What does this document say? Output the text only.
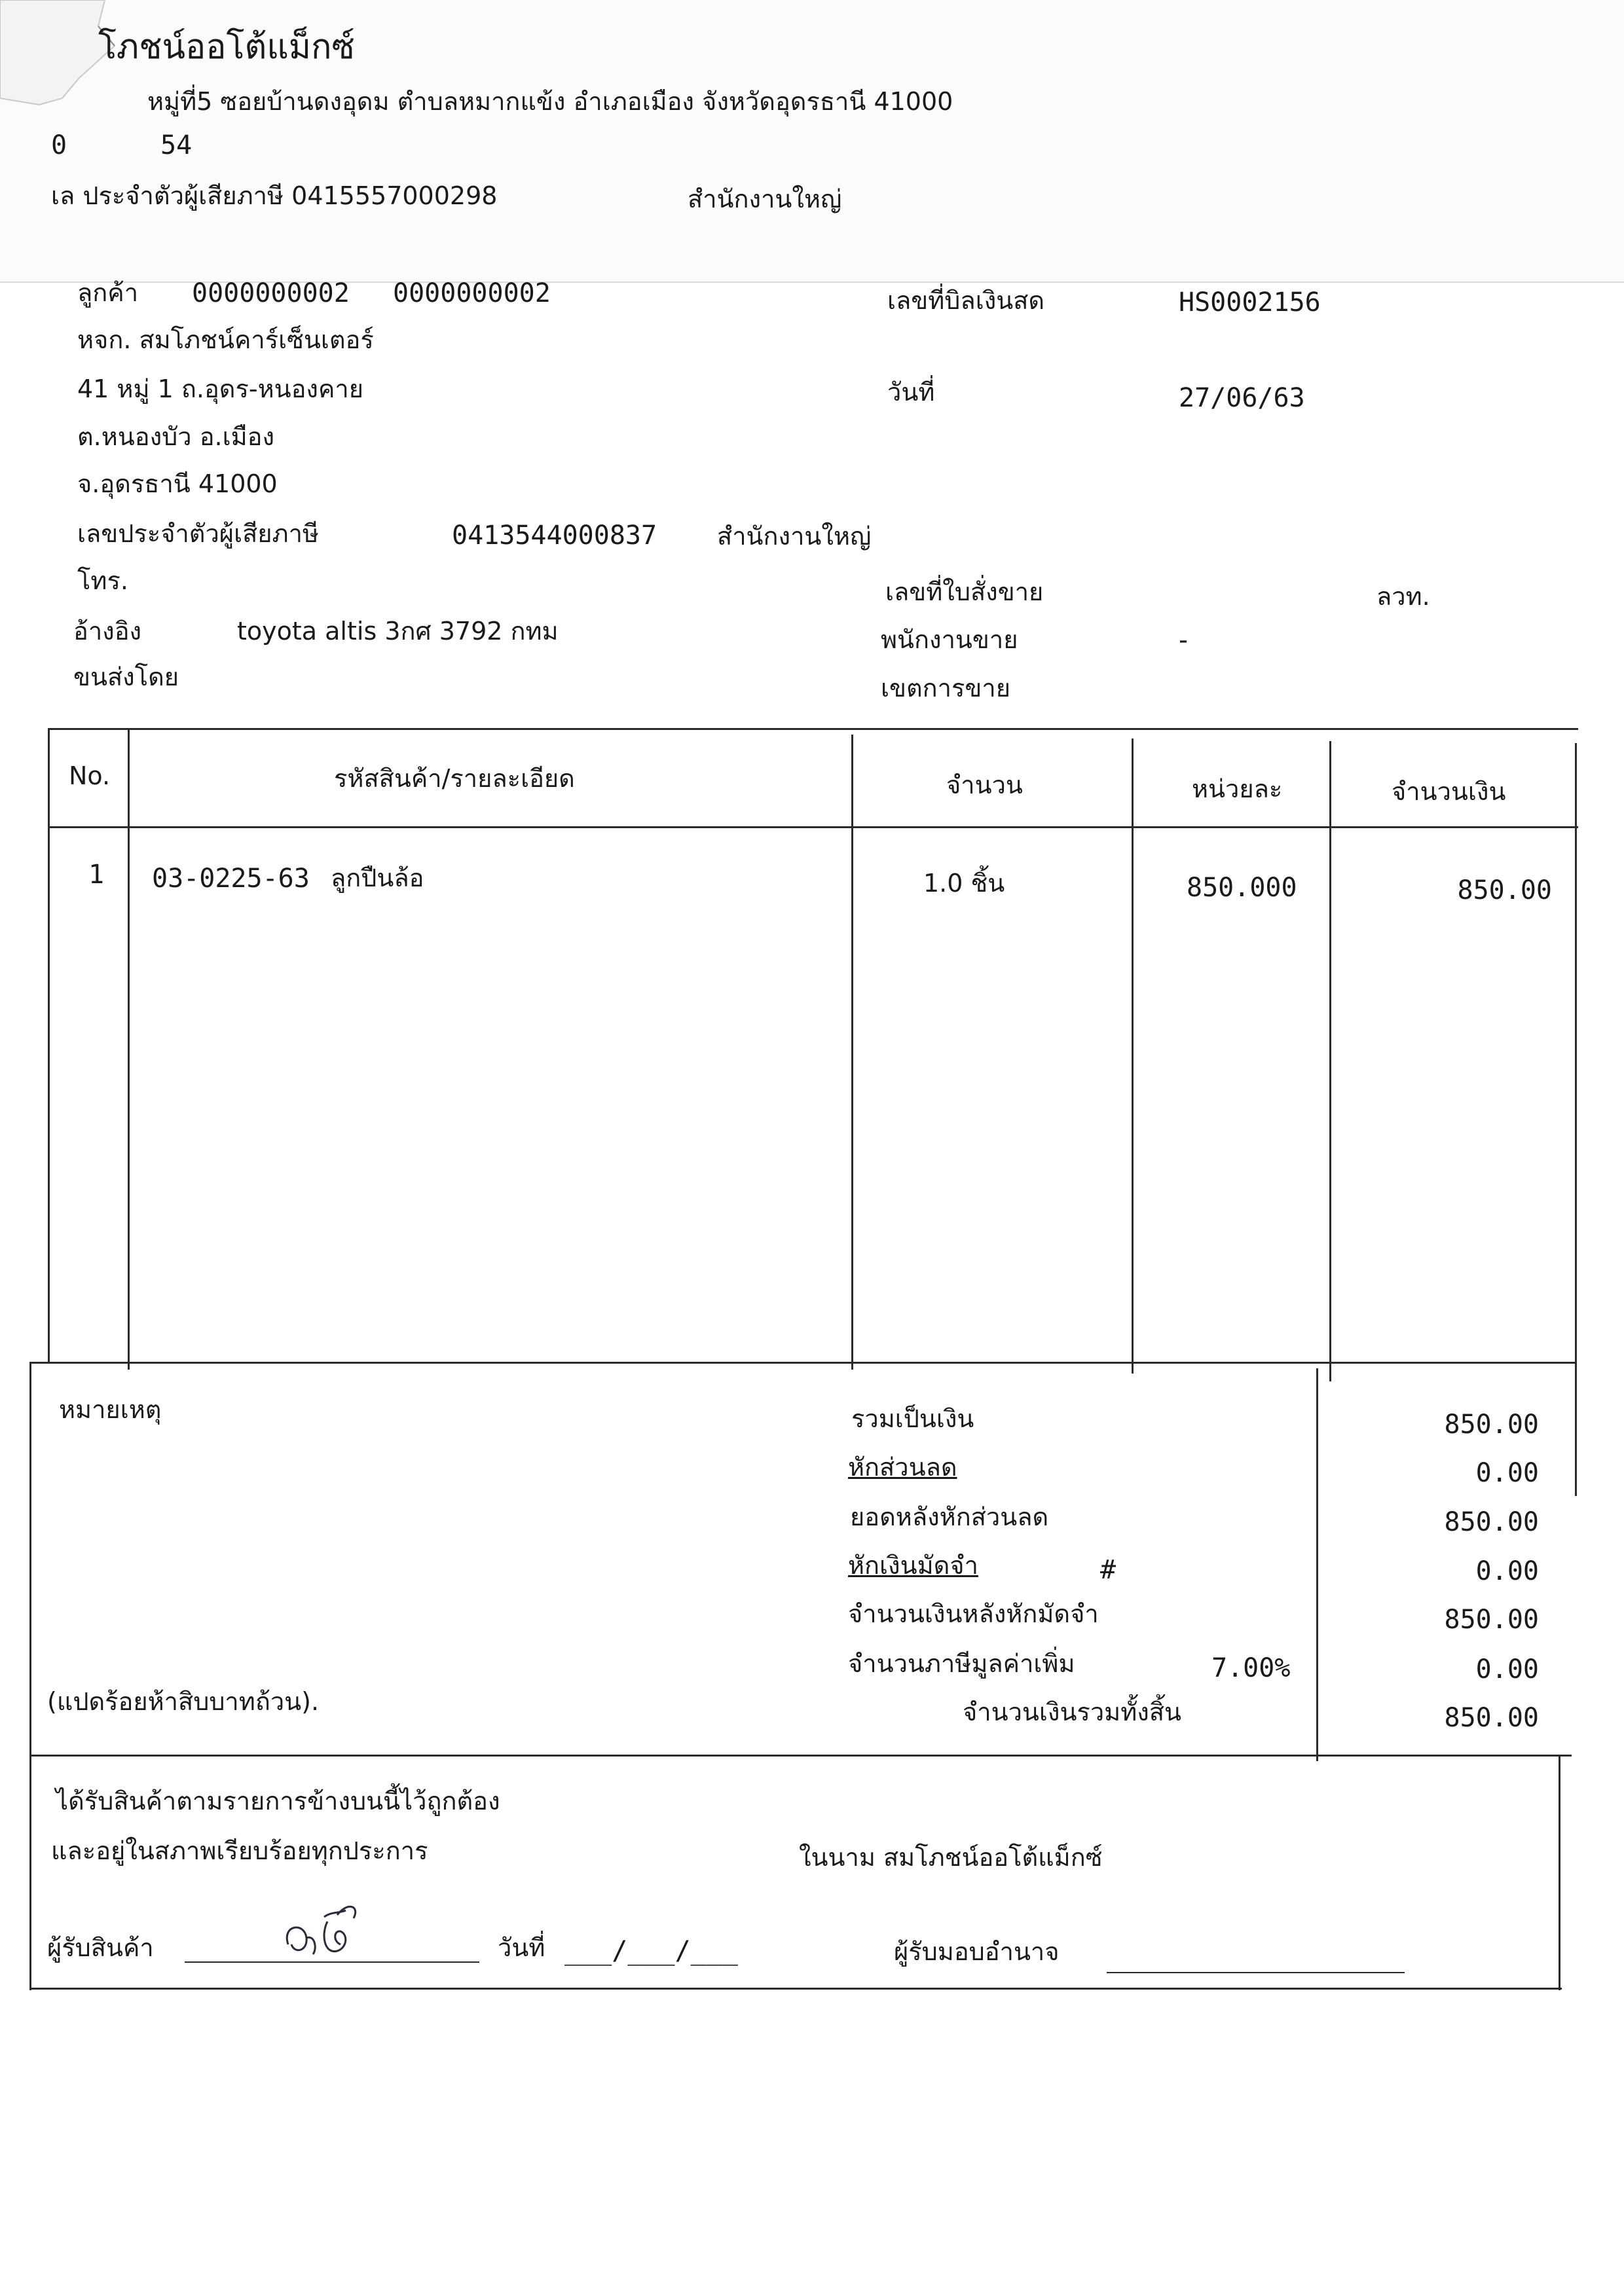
โภชน์ออโต้แม็กซ์
หมู่ที่5 ซอยบ้านดงอุดม ตำบลหมากแข้ง อำเภอเมือง จังหวัดอุดรธานี 41000
0	54
เล ประจำตัวผู้เสียภาษี 0415557000298	สำนักงานใหญ่
ลูกค้า 0000000002 0000000002
หจก. สมโภชน์คาร์เซ็นเตอร์
41 หมู่ 1 ถ.อุดร-หนองคาย
ต.หนองบัว อ.เมือง
จ.อุดรธานี 41000
เลขประจำตัวผู้เสียภาษี	0413544000837 สำนักงานใหญ่
โทร.
อ้างอิง	toyota altis 3กศ 3792 กทม
ขนส่งโดย
เลขที่บิลเงินสด	HS0002156
วันที่	27/06/63
เลขที่ใบสั่งขาย	ลวท.
พนักงานขาย	-
เขตการขาย
No.	รหัสสินค้า/รายละเอียด	จำนวน	หน่วยละ	จำนวนเงิน
1 03-0225-63 ลูกปืนล้อ	1.0 ชิ้น	850.000	850.00
หมายเหตุ
(แปดร้อยห้าสิบบาทถ้วน).
รวมเป็นเงิน	850.00
หักส่วนลด	0.00
ยอดหลังหักส่วนลด	850.00
หักเงินมัดจำ	#	0.00
จำนวนเงินหลังหักมัดจำ	850.00
จำนวนภาษีมูลค่าเพิ่ม	7.00%	0.00
จำนวนเงินรวมทั้งสิ้น	850.00
ได้รับสินค้าตามรายการข้างบนนี้ไว้ถูกต้อง
และอยู่ในสภาพเรียบร้อยทุกประการ	ในนาม สมโภชน์ออโต้แม็กซ์
ผู้รับสินค้า	วันที่ ___/___/___	ผู้รับมอบอำนาจ
